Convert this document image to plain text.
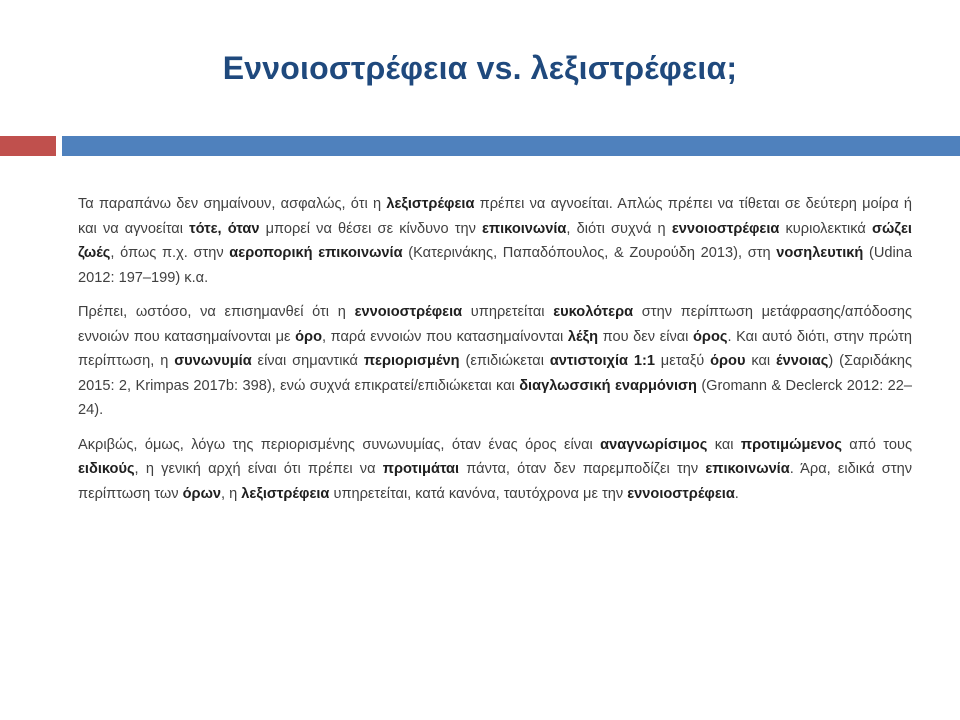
Εννοιοστρέφεια vs. λεξιστρέφεια;

Τα παραπάνω δεν σημαίνουν, ασφαλώς, ότι η λεξιστρέφεια πρέπει να αγνοείται. Απλώς πρέπει να τίθεται σε δεύτερη μοίρα ή και να αγνοείται τότε, όταν μπορεί να θέσει σε κίνδυνο την επικοινωνία, διότι συχνά η εννοιοστρέφεια κυριολεκτικά σώζει ζωές, όπως π.χ. στην αεροπορική επικοινωνία (Κατερινάκης, Παπαδόπουλος, & Ζουρούδη 2013), στη νοσηλευτική (Udina 2012: 197–199) κ.α.

Πρέπει, ωστόσο, να επισημανθεί ότι η εννοιοστρέφεια υπηρετείται ευκολότερα στην περίπτωση μετάφρασης/απόδοσης εννοιών που κατασημαίνονται με όρο, παρά εννοιών που κατασημαίνονται λέξη που δεν είναι όρος. Και αυτό διότι, στην πρώτη περίπτωση, η συνωνυμία είναι σημαντικά περιορισμένη (επιδιώκεται αντιστοιχία 1:1 μεταξύ όρου και έννοιας) (Σαριδάκης 2015: 2, Krimpas 2017b: 398), ενώ συχνά επικρατεί/επιδιώκεται και διαγλωσσική εναρμόνιση (Gromann & Declerck 2012: 22–24).

Ακριβώς, όμως, λόγω της περιορισμένης συνωνυμίας, όταν ένας όρος είναι αναγνωρίσιμος και προτιμώμενος από τους ειδικούς, η γενική αρχή είναι ότι πρέπει να προτιμάται πάντα, όταν δεν παρεμποδίζει την επικοινωνία. Άρα, ειδικά στην περίπτωση των όρων, η λεξιστρέφεια υπηρετείται, κατά κανόνα, ταυτόχρονα με την εννοιοστρέφεια.
